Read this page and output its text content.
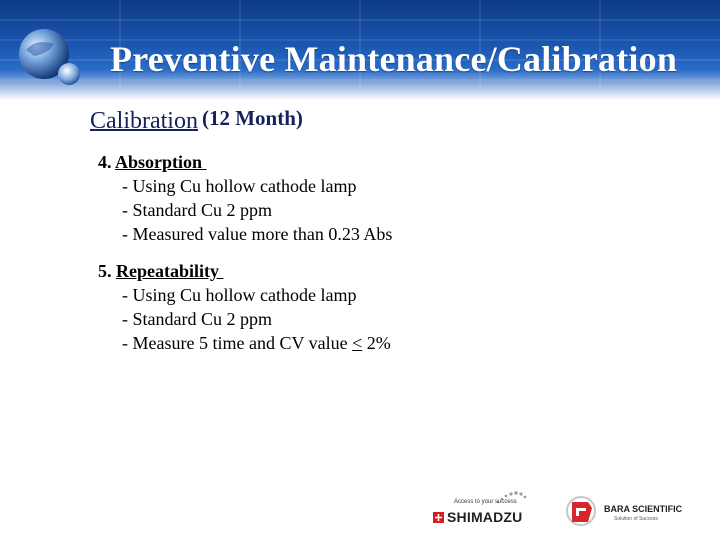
Preventive Maintenance/Calibration
Calibration (12 Month)
4. Absorption
- Using Cu hollow cathode lamp
- Standard Cu 2 ppm
- Measured value more than 0.23 Abs
5. Repeatability
- Using Cu hollow cathode lamp
- Standard Cu 2 ppm
- Measure 5 time and CV value < 2%
Access to your success
SHIMADZU	BARA SCIENTIFIC
Solution of Success
